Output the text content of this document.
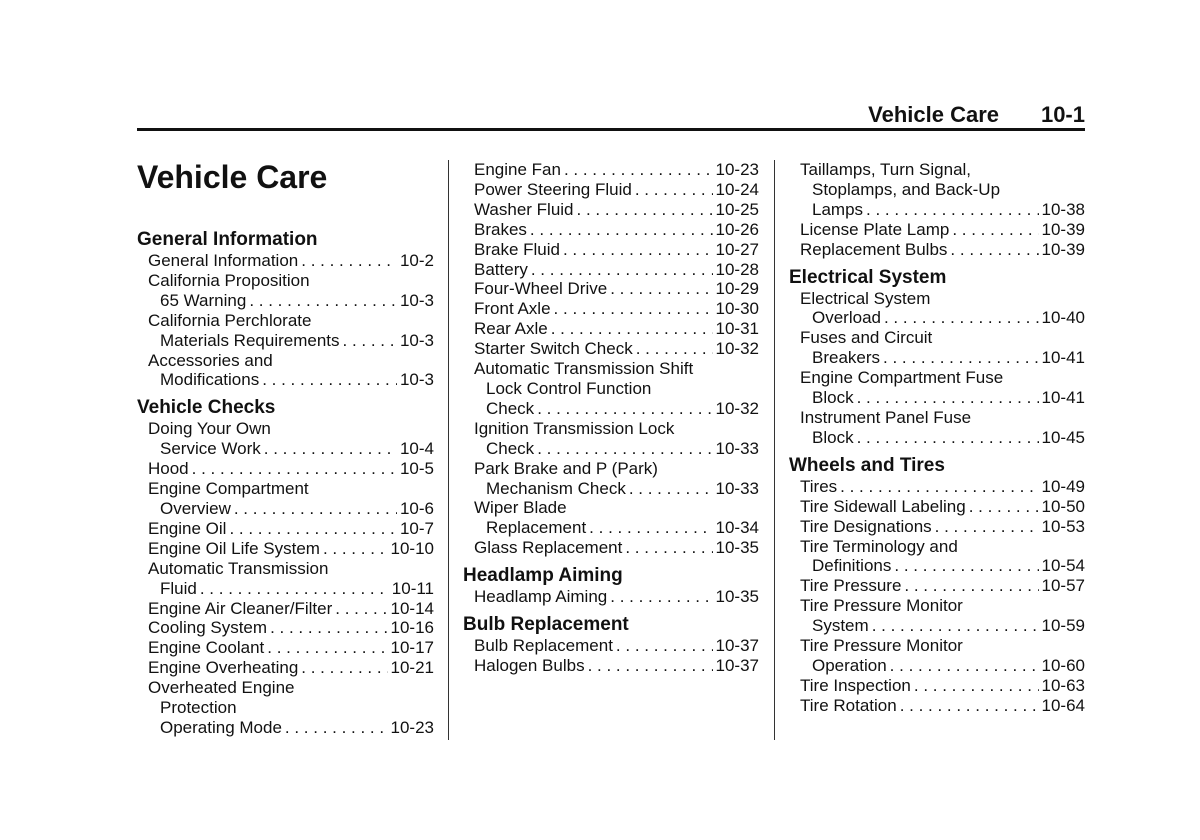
Vehicle Care 10-1
Vehicle Care
General Information
General Information . . .	10-2
California Proposition
65 Warning . . .	10-3
California Perchlorate
Materials Requirements . . .	10-3
Accessories and
Modifications . . .	10-3
Vehicle Checks
Doing Your Own
Service Work . . .	10-4
Hood . . .	10-5
Engine Compartment
Overview . . .	10-6
Engine Oil . . .	10-7
Engine Oil Life System . . .	10-10
Automatic Transmission
Fluid . . .	10-11
Engine Air Cleaner/Filter . . .	10-14
Cooling System . . .	10-16
Engine Coolant . . .	10-17
Engine Overheating . . .	10-21
Overheated Engine
Protection
Operating Mode . . .	10-23
Engine Fan . . .	10-23
Power Steering Fluid . . .	10-24
Washer Fluid . . .	10-25
Brakes . . .	10-26
Brake Fluid . . .	10-27
Battery . . .	10-28
Four-Wheel Drive . . .	10-29
Front Axle . . .	10-30
Rear Axle . . .	10-31
Starter Switch Check . . .	10-32
Automatic Transmission Shift
Lock Control Function
Check . . .	10-32
Ignition Transmission Lock
Check . . .	10-33
Park Brake and P (Park)
Mechanism Check . . .	10-33
Wiper Blade
Replacement . . .	10-34
Glass Replacement . . .	10-35
Headlamp Aiming
Headlamp Aiming . . .	10-35
Bulb Replacement
Bulb Replacement . . .	10-37
Halogen Bulbs . . .	10-37
Taillamps, Turn Signal,
Stoplamps, and Back-Up
Lamps . . .	10-38
License Plate Lamp . . .	10-39
Replacement Bulbs . . .	10-39
Electrical System
Electrical System
Overload . . .	10-40
Fuses and Circuit
Breakers . . .	10-41
Engine Compartment Fuse
Block . . .	10-41
Instrument Panel Fuse
Block . . .	10-45
Wheels and Tires
Tires . . .	10-49
Tire Sidewall Labeling . . .	10-50
Tire Designations . . .	10-53
Tire Terminology and
Definitions . . .	10-54
Tire Pressure . . .	10-57
Tire Pressure Monitor
System . . .	10-59
Tire Pressure Monitor
Operation . . .	10-60
Tire Inspection . . .	10-63
Tire Rotation . . .	10-64
